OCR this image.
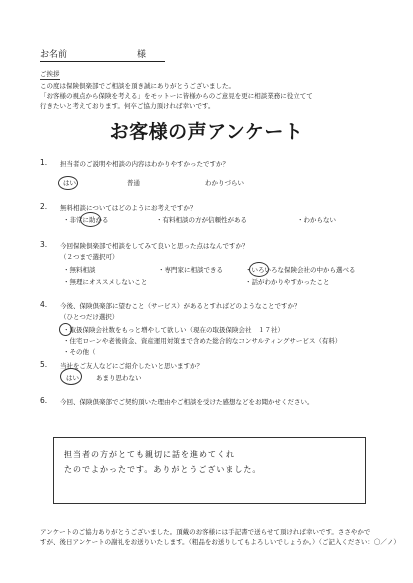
お名前	様
ご挨拶
この度は保険倶楽部でご相談を頂き誠にありがとうございました。
「お客様の視点から保険を考える」をモットーに皆様からのご意見を更に相談業務に役立てて
行きたいと考えております。何卒ご協力頂ければ幸いです。
お客様の声アンケート
1. 担当者のご説明や相談の内容はわかりやすかったですか？
はい	普通	わかりづらい
2. 無料相談についてはどのようにお考えですか？
・非常に助かる	・有料相談の方が信頼性がある	・わからない
3. 今回保険倶楽部で相談をしてみて良いと思った点はなんですか？
（２つまで選択可）
・無料相談	・専門家に相談できる	・いろいろな保険会社の中から選べる
・無理にオススメしないこと	・話がわかりやすかったこと
4. 今後、保険倶楽部に望むこと（サービス）があるとすればどのようなことですか？
（ひとつだけ選択）
・取扱保険会社数をもっと増やして欲しい（現在の取扱保険会社　１７社）
・住宅ローンや老後資金、資産運用対策まで含めた総合的なコンサルティングサービス（有料）
・その他（
5. 当社をご友人などにご紹介したいと思いますか？
はい	あまり思わない
6. 今回、保険倶楽部でご契約頂いた理由やご相談を受けた感想などをお聞かせください。
担当者の方がとても親切に話を進めてくれ
たのでよかったです。ありがとうございました。
アンケートのご協力ありがとうございました。頂戴のお客様には手記書で送らせて頂ければ幸いです。ささやかで
すが、後日アンケートの謝礼をお送りいたします。（粗品をお送りしてもよろしいでしょうか。）（ご記入ください：〇／ノ）
